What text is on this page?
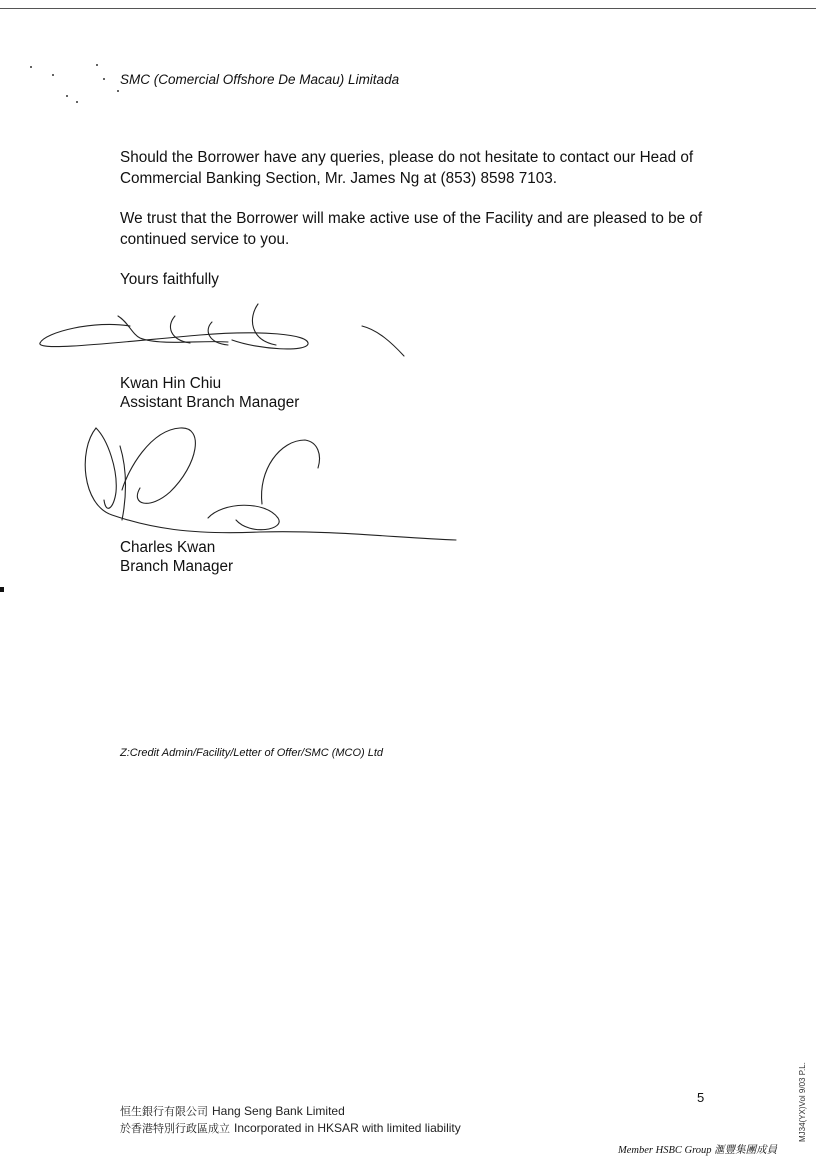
SMC (Comercial Offshore De Macau) Limitada

Should the Borrower have any queries, please do not hesitate to contact our Head of
Commercial Banking Section, Mr. James Ng at (853) 8598 7103.

We trust that the Borrower will make active use of the Facility and are pleased to be of
continued service to you.

Yours faithfully
Kwan Hin Chiu
Assistant Branch Manager
Charles Kwan
Branch Manager
Z:Credit Admin/Facility/Letter of Offer/SMC (MCO) Ltd
5
恒生銀行有限公司 Hang Seng Bank Limited
於香港特別行政區成立 Incorporated in HKSAR with limited liability	MJ34(YX)Vol 9/03 P.L.
Member HSBC Group 滙豐集團成員
